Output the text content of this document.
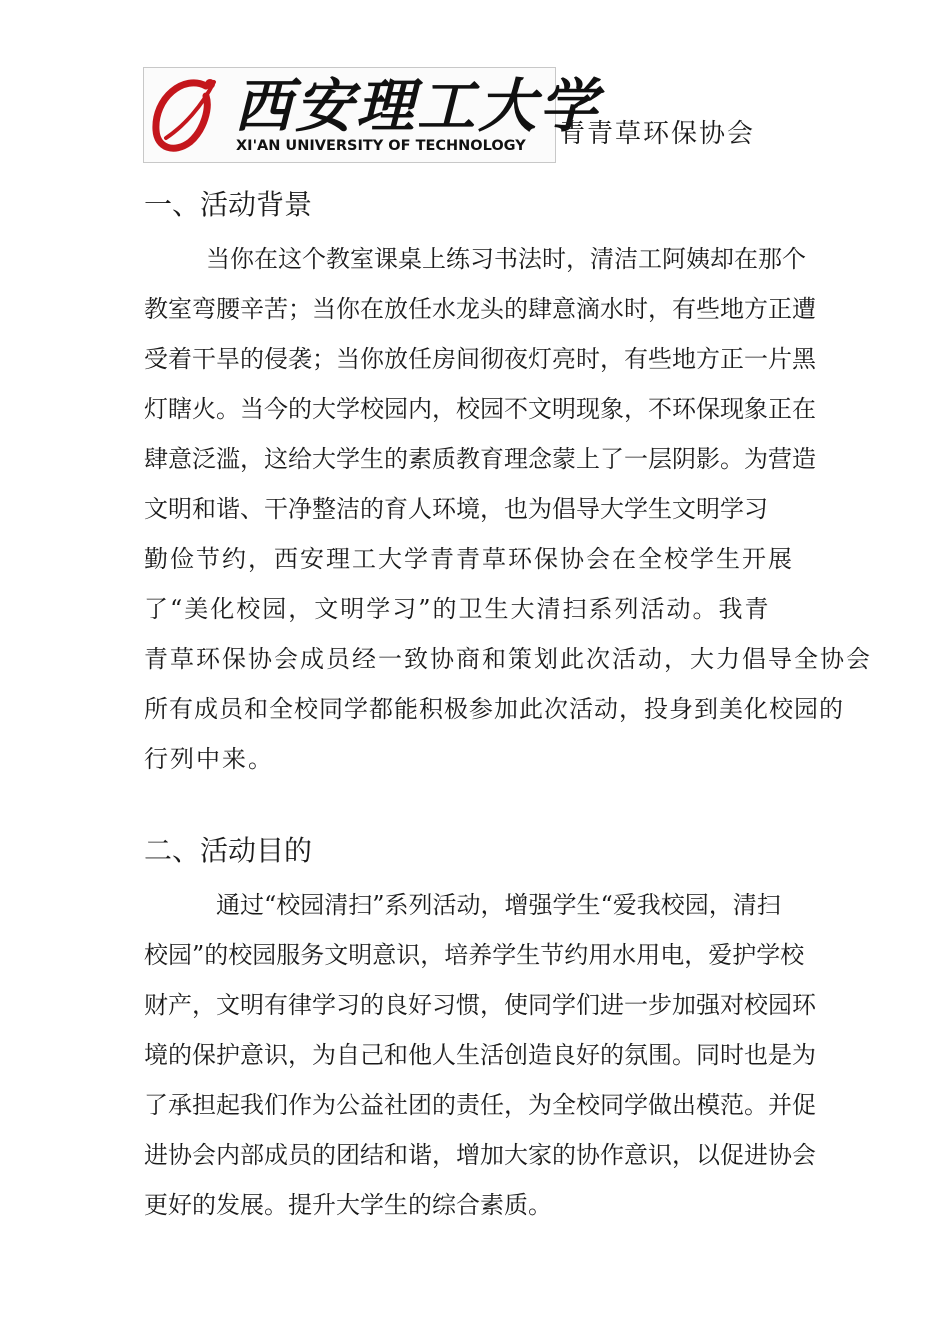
西安理工大学
XI'AN UNIVERSITY OF TECHNOLOGY 青青草环保协会
一、活动背景
当你在这个教室课桌上练习书法时，清洁工阿姨却在那个
教室弯腰辛苦；当你在放任水龙头的肆意滴水时，有些地方正遭
受着干旱的侵袭；当你放任房间彻夜灯亮时，有些地方正一片黑
灯瞎火。当今的大学校园内，校园不文明现象，不环保现象正在
肆意泛滥，这给大学生的素质教育理念蒙上了一层阴影。为营造
文明和谐、干净整洁的育人环境，也为倡导大学生文明学习
勤俭节约，西安理工大学青青草环保协会在全校学生开展
了“美化校园，文明学习”的卫生大清扫系列活动。我青
青草环保协会成员经一致协商和策划此次活动，大力倡导全协会
所有成员和全校同学都能积极参加此次活动，投身到美化校园的
行列中来。
二、活动目的
通过“校园清扫”系列活动，增强学生“爱我校园，清扫
校园”的校园服务文明意识，培养学生节约用水用电，爱护学校
财产，文明有律学习的良好习惯，使同学们进一步加强对校园环
境的保护意识，为自己和他人生活创造良好的氛围。同时也是为
了承担起我们作为公益社团的责任，为全校同学做出模范。并促
进协会内部成员的团结和谐，增加大家的协作意识，以促进协会
更好的发展。提升大学生的综合素质。
